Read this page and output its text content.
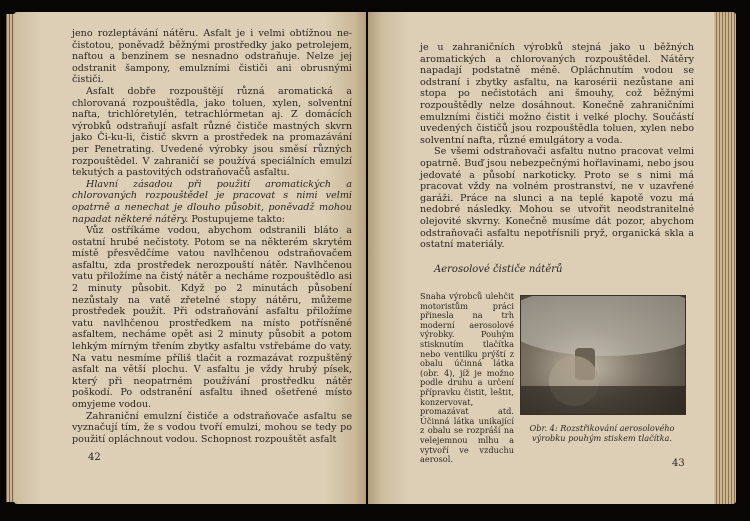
jeno rozleptávání nátěru. Asfalt je i velmi obtížnou ne-čistotou, poněvadž běžnými prostředky jako petrolejem, naftou a benzínem se nesnadno odstraňuje. Nelze jej odstranit šampony, emulzními čističi ani obrusnými čističi.

Asfalt dobře rozpouštějí různá aromatická a chlorovaná rozpouštědla, jako toluen, xylen, solventní nafta, trichlóretylén, tetrachlórmetan aj. Z domácích výrobků odstraňují asfalt různé čističe mastných skvrn jako Či-ku-li, čistič skvrn a prostředek na promazávání per Penetrating. Uvedené výrobky jsou směsí různých rozpouštědel. V zahraničí se používá speciálních emulzí tekutých a pastovitých odstraňovačů asfaltu.

Hlavní zásadou při použití aromatických a chlorovaných rozpouštědel je pracovat s nimi velmi opatrně a nenechat je dlouho působit, poněvadž mohou napadat některé nátěry. Postupujeme takto:

Vůz ostříkáme vodou, abychom odstranili bláto a ostatní hrubé nečistoty. Potom se na některém skrytém místě přesvědčíme vatou navlhčenou odstraňovačem asfaltu, zda prostředek nerozpouští nátěr. Navlhčenou vatu přiložíme na čistý nátěr a necháme rozpouštědlo asi 2 minuty působit. Když po 2 minutách působení nezůstaly na vatě zřetelné stopy nátěru, můžeme prostředek použít. Při odstraňování asfaltu přiložíme vatu navlhčenou prostředkem na místo potřísněné asfaltem, necháme opět asi 2 minuty působit a potom lehkým mírným třením zbytky asfaltu vstřebáme do vaty. Na vatu nesmíme příliš tlačit a rozmazávat rozpuštěný asfalt na větší plochu. V asfaltu je vždy hrubý písek, který při neopatrném používání prostředku nátěr poškodí. Po odstranění asfaltu ihned ošetřené místo omyjeme vodou.

Zahraniční emulzní čističe a odstraňovače asfaltu se vyznačují tím, že s vodou tvoří emulzi, mohou se tedy po použití opláchnout vodou. Schopnost rozpouštět asfalt

42

je u zahraničních výrobků stejná jako u běžných aromatických a chlorovaných rozpouštědel. Nátěry napadají podstatně méně. Opláchnutím vodou se odstraní i zbytky asfaltu, na karosérii nezůstane ani stopa po nečistotách ani šmouhy, což běžnými rozpouštědly nelze dosáhnout. Konečně zahraničními emulzními čističi možno čistit i velké plochy. Součástí uvedených čističů jsou rozpouštědla toluen, xylen nebo solventní nafta, různé emulgátory a voda.

Se všemi odstraňovači asfaltu nutno pracovat velmi opatrně. Buď jsou nebezpečnými hořlavinami, nebo jsou jedovaté a působí narkoticky. Proto se s nimi má pracovat vždy na volném prostranství, ne v uzavřené garáži. Práce na slunci a na teplé kapotě vozu má nedobré následky. Mohou se utvořit neodstranitelné olejovité skvrny. Konečně musíme dát pozor, abychom odstraňovači asfaltu nepotřísnili pryž, organická skla a ostatní materiály.

Aerosolové čističe nátěrů
Snaha výrobců ulehčit motoristům práci přinesla na trh moderní aerosolové výrobky. Pouhým stisknutím tlačítka nebo ventilku prýští z obalu účinná látka (obr. 4), jíž je možno podle druhu a určení přípravku čistit, leštit, konzervovat, promazávat atd. Účinná látka unikající z obalu se rozpráší na velejemnou mlhu a vytvoří ve vzduchu aerosol.
Obr. 4: Rozstřikování aerosolového výrobku pouhým stiskem tlačítka.
43
